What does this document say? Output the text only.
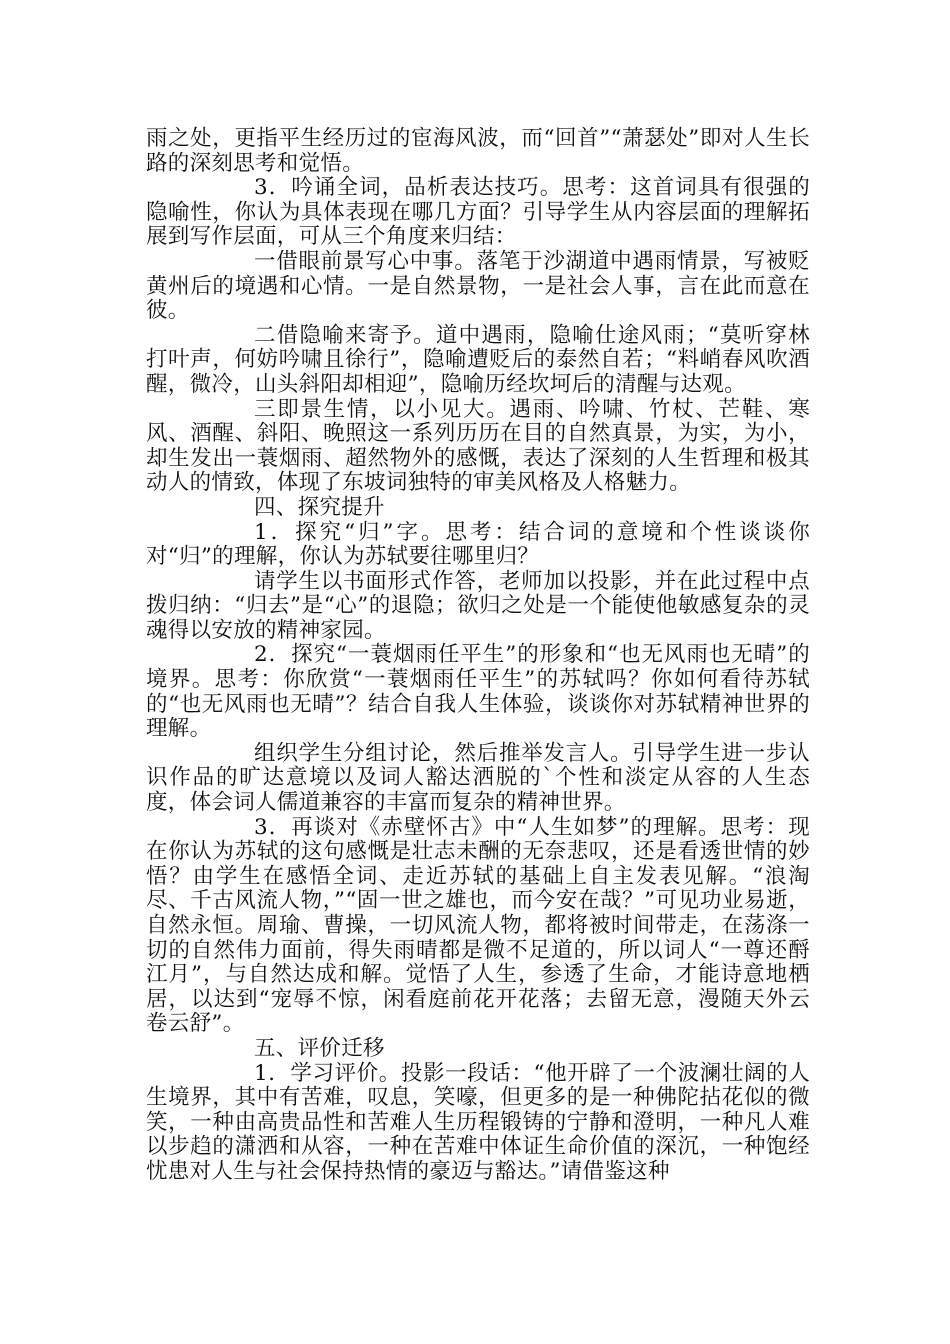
雨之处，更指平生经历过的宦海风波，而“回首”“萧瑟处”即对人生长路的深刻思考和觉悟。

3．吟诵全词，品析表达技巧。思考：这首词具有很强的隐喻性，你认为具体表现在哪几方面？引导学生从内容层面的理解拓展到写作层面，可从三个角度来归结：

一借眼前景写心中事。落笔于沙湖道中遇雨情景，写被贬黄州后的境遇和心情。一是自然景物，一是社会人事，言在此而意在彼。

二借隐喻来寄予。道中遇雨，隐喻仕途风雨；“莫听穿林打叶声，何妨吟啸且徐行”，隐喻遭贬后的泰然自若；“料峭春风吹酒醒，微冷，山头斜阳却相迎”，隐喻历经坎坷后的清醒与达观。

三即景生情，以小见大。遇雨、吟啸、竹杖、芒鞋、寒风、酒醒、斜阳、晚照这一系列历历在目的自然真景，为实，为小，却生发出一蓑烟雨、超然物外的感慨，表达了深刻的人生哲理和极其动人的情致，体现了东坡词独特的审美风格及人格魅力。

四、探究提升

1．探究“归”字。思考：结合词的意境和个性谈谈你对“归”的理解，你认为苏轼要往哪里归？

请学生以书面形式作答，老师加以投影，并在此过程中点拨归纳：“归去”是“心”的退隐；欲归之处是一个能使他敏感复杂的灵魂得以安放的精神家园。

2．探究“一蓑烟雨任平生”的形象和“也无风雨也无晴”的境界。思考：你欣赏“一蓑烟雨任平生”的苏轼吗？你如何看待苏轼的“也无风雨也无晴”？结合自我人生体验，谈谈你对苏轼精神世界的理解。

组织学生分组讨论，然后推举发言人。引导学生进一步认识作品的旷达意境以及词人豁达洒脱的`个性和淡定从容的人生态度，体会词人儒道兼容的丰富而复杂的精神世界。

3．再谈对《赤壁怀古》中“人生如梦”的理解。思考：现在你认为苏轼的这句感慨是壮志未酬的无奈悲叹，还是看透世情的妙悟？由学生在感悟全词、走近苏轼的基础上自主发表见解。“浪淘尽、千古风流人物，”“固一世之雄也，而今安在哉？”可见功业易逝，自然永恒。周瑜、曹操，一切风流人物，都将被时间带走，在荡涤一切的自然伟力面前，得失雨晴都是微不足道的，所以词人“一尊还酹江月”，与自然达成和解。觉悟了人生，参透了生命，才能诗意地栖居，以达到“宠辱不惊，闲看庭前花开花落；去留无意，漫随天外云卷云舒”。

五、评价迁移

1．学习评价。投影一段话：“他开辟了一个波澜壮阔的人生境界，其中有苦难，叹息，笑嚎，但更多的是一种佛陀拈花似的微笑，一种由高贵品性和苦难人生历程锻铸的宁静和澄明，一种凡人难以步趋的潇洒和从容，一种在苦难中体证生命价值的深沉，一种饱经忧患对人生与社会保持热情的豪迈与豁达。”请借鉴这种
